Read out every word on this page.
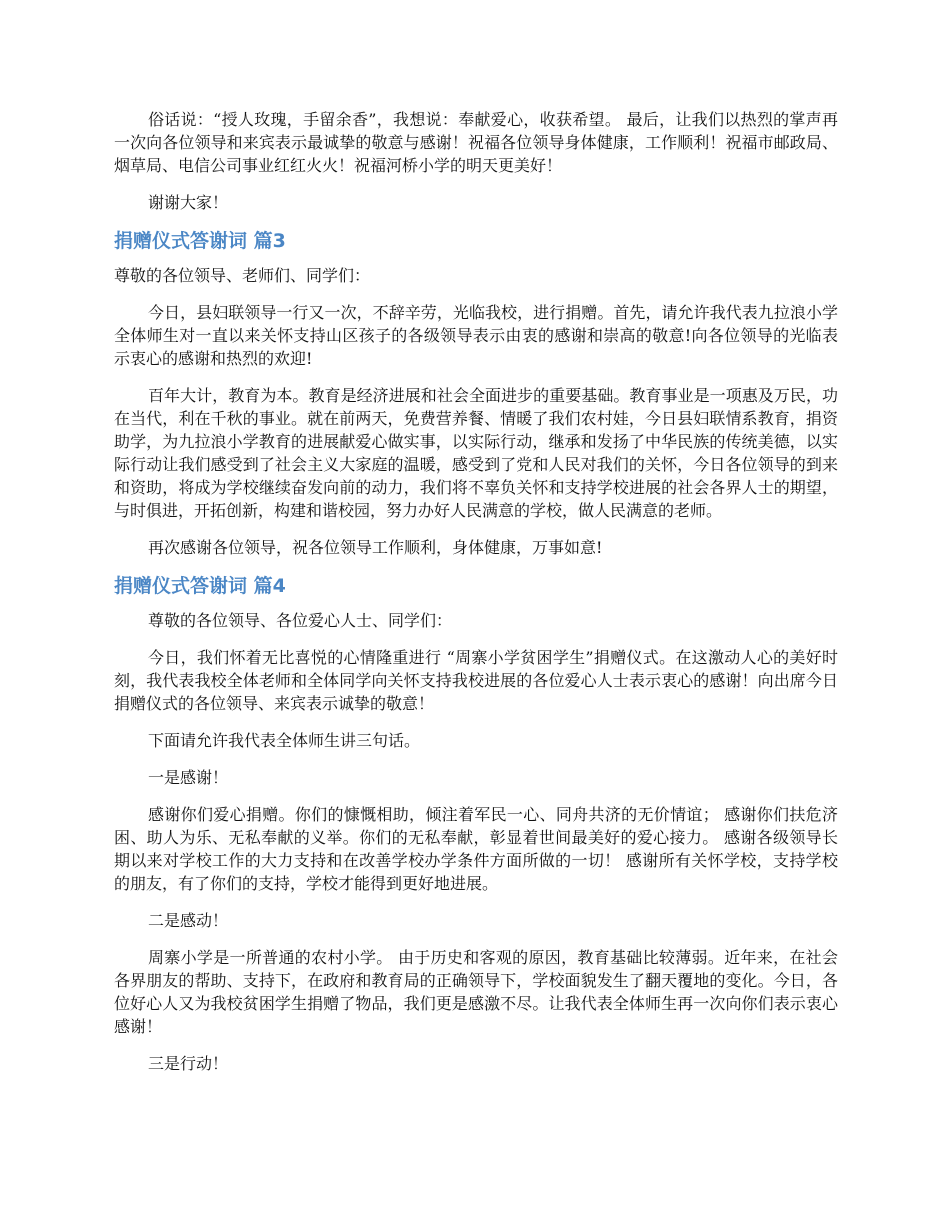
俗话说：“授人玫瑰，手留余香”，我想说：奉献爱心，收获希望。 最后，让我们以热烈的掌声再一次向各位领导和来宾表示最诚挚的敬意与感谢！祝福各位领导身体健康，工作顺利！祝福市邮政局、烟草局、电信公司事业红红火火！祝福河桥小学的明天更美好！

谢谢大家！

捐赠仪式答谢词 篇3

尊敬的各位领导、老师们、同学们：

今日，县妇联领导一行又一次，不辞辛劳，光临我校，进行捐赠。首先，请允许我代表九拉浪小学全体师生对一直以来关怀支持山区孩子的各级领导表示由衷的感谢和崇高的敬意!向各位领导的光临表示衷心的感谢和热烈的欢迎!

百年大计，教育为本。教育是经济进展和社会全面进步的重要基础。教育事业是一项惠及万民，功在当代，利在千秋的事业。就在前两天，免费营养餐、情暖了我们农村娃，今日县妇联情系教育，捐资助学，为九拉浪小学教育的进展献爱心做实事，以实际行动，继承和发扬了中华民族的传统美德，以实际行动让我们感受到了社会主义大家庭的温暖，感受到了党和人民对我们的关怀，今日各位领导的到来和资助，将成为学校继续奋发向前的动力，我们将不辜负关怀和支持学校进展的社会各界人士的期望，与时俱进，开拓创新，构建和谐校园，努力办好人民满意的学校，做人民满意的老师。

再次感谢各位领导，祝各位领导工作顺利，身体健康，万事如意!

捐赠仪式答谢词 篇4

尊敬的各位领导、各位爱心人士、同学们：

今日，我们怀着无比喜悦的心情隆重进行 “周寨小学贫困学生”捐赠仪式。在这激动人心的美好时刻，我代表我校全体老师和全体同学向关怀支持我校进展的各位爱心人士表示衷心的感谢！向出席今日捐赠仪式的各位领导、来宾表示诚挚的敬意！

下面请允许我代表全体师生讲三句话。

一是感谢！

感谢你们爱心捐赠。你们的慷慨相助，倾注着军民一心、同舟共济的无价情谊； 感谢你们扶危济困、助人为乐、无私奉献的义举。你们的无私奉献，彰显着世间最美好的爱心接力。 感谢各级领导长期以来对学校工作的大力支持和在改善学校办学条件方面所做的一切！ 感谢所有关怀学校，支持学校的朋友，有了你们的支持，学校才能得到更好地进展。

二是感动！

周寨小学是一所普通的农村小学。 由于历史和客观的原因，教育基础比较薄弱。近年来，在社会各界朋友的帮助、支持下，在政府和教育局的正确领导下，学校面貌发生了翻天覆地的变化。今日，各位好心人又为我校贫困学生捐赠了物品，我们更是感激不尽。让我代表全体师生再一次向你们表示衷心感谢！

三是行动！
